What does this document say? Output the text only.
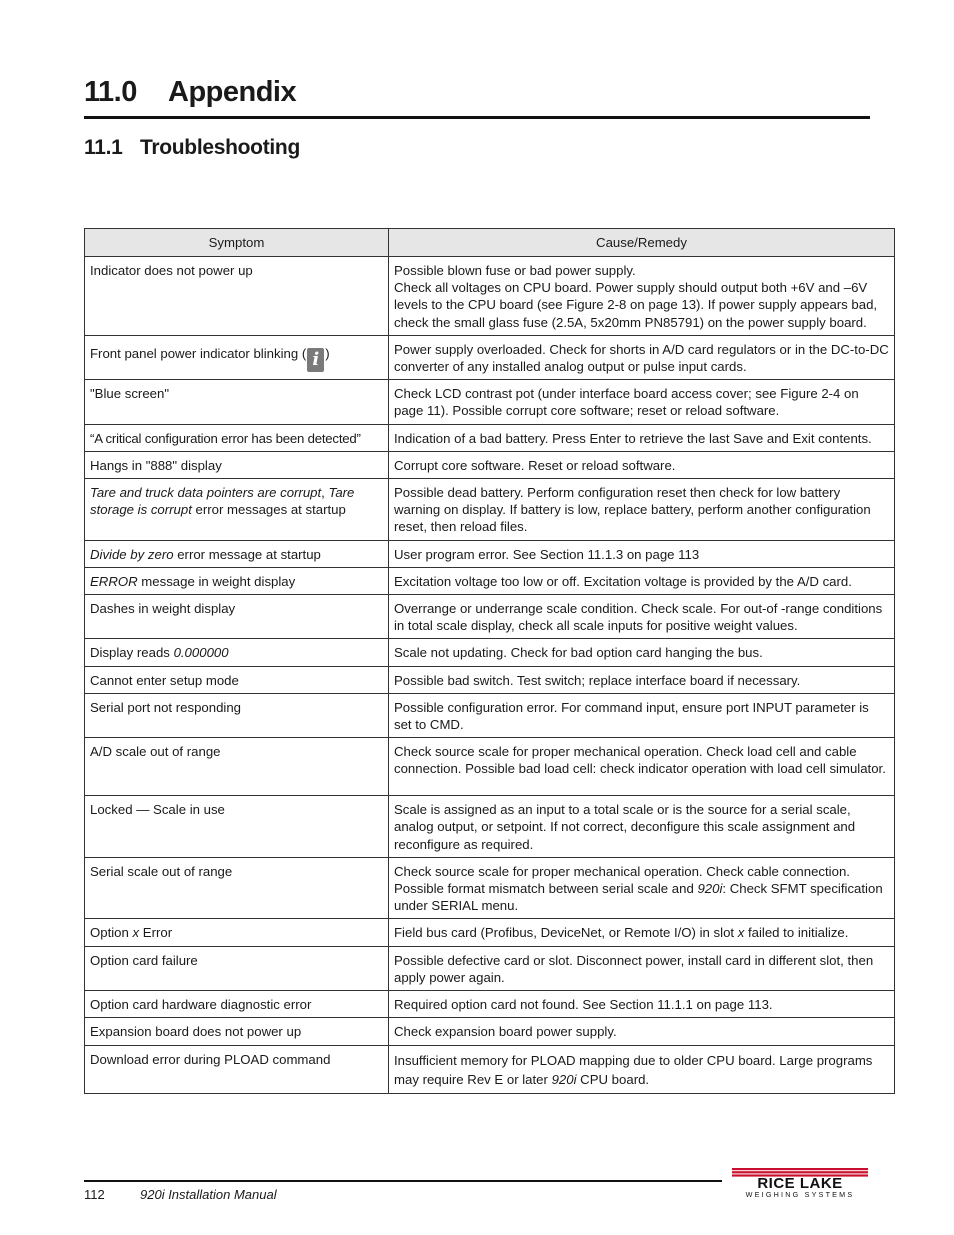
11.0 Appendix
11.1 Troubleshooting
Symptom	Cause/Remedy
Indicator does not power up	Possible blown fuse or bad power supply.
Check all voltages on CPU board. Power supply should output both +6V and –6V levels to the CPU board (see Figure 2-8 on page 13). If power supply appears bad, check the small glass fuse (2.5A, 5x20mm PN85791) on the power supply board.
Front panel power indicator blinking ( i )	Power supply overloaded. Check for shorts in A/D card regulators or in the DC-to-DC converter of any installed analog output or pulse input cards.
"Blue screen"	Check LCD contrast pot (under interface board access cover; see Figure 2-4 on page 11). Possible corrupt core software; reset or reload software.
“A critical configuration error has been detected”	Indication of a bad battery. Press Enter to retrieve the last Save and Exit contents.
Hangs in "888" display	Corrupt core software. Reset or reload software.
Tare and truck data pointers are corrupt, Tare storage is corrupt error messages at startup	Possible dead battery. Perform configuration reset then check for low battery warning on display. If battery is low, replace battery, perform another configuration reset, then reload files.
Divide by zero error message at startup	User program error. See Section 11.1.3 on page 113
ERROR message in weight display	Excitation voltage too low or off. Excitation voltage is provided by the A/D card.
Dashes in weight display	Overrange or underrange scale condition. Check scale. For out-of -range conditions in total scale display, check all scale inputs for positive weight values.
Display reads 0.000000	Scale not updating. Check for bad option card hanging the bus.
Cannot enter setup mode	Possible bad switch. Test switch; replace interface board if necessary.
Serial port not responding	Possible configuration error. For command input, ensure port INPUT parameter is set to CMD.
A/D scale out of range	Check source scale for proper mechanical operation. Check load cell and cable connection. Possible bad load cell: check indicator operation with load cell simulator.
Locked — Scale in use	Scale is assigned as an input to a total scale or is the source for a serial scale, analog output, or setpoint. If not correct, deconfigure this scale assignment and reconfigure as required.
Serial scale out of range	Check source scale for proper mechanical operation. Check cable connection. Possible format mismatch between serial scale and 920i: Check SFMT specification under SERIAL menu.
Option x Error	Field bus card (Profibus, DeviceNet, or Remote I/O) in slot x failed to initialize.
Option card failure	Possible defective card or slot. Disconnect power, install card in different slot, then apply power again.
Option card hardware diagnostic error	Required option card not found. See Section 11.1.1 on page 113.
Expansion board does not power up	Check expansion board power supply.
Download error during PLOAD command	Insufficient memory for PLOAD mapping due to older CPU board. Large programs may require Rev E or later 920i CPU board.
112	920i Installation Manual
RICE LAKE
WEIGHING SYSTEMS
